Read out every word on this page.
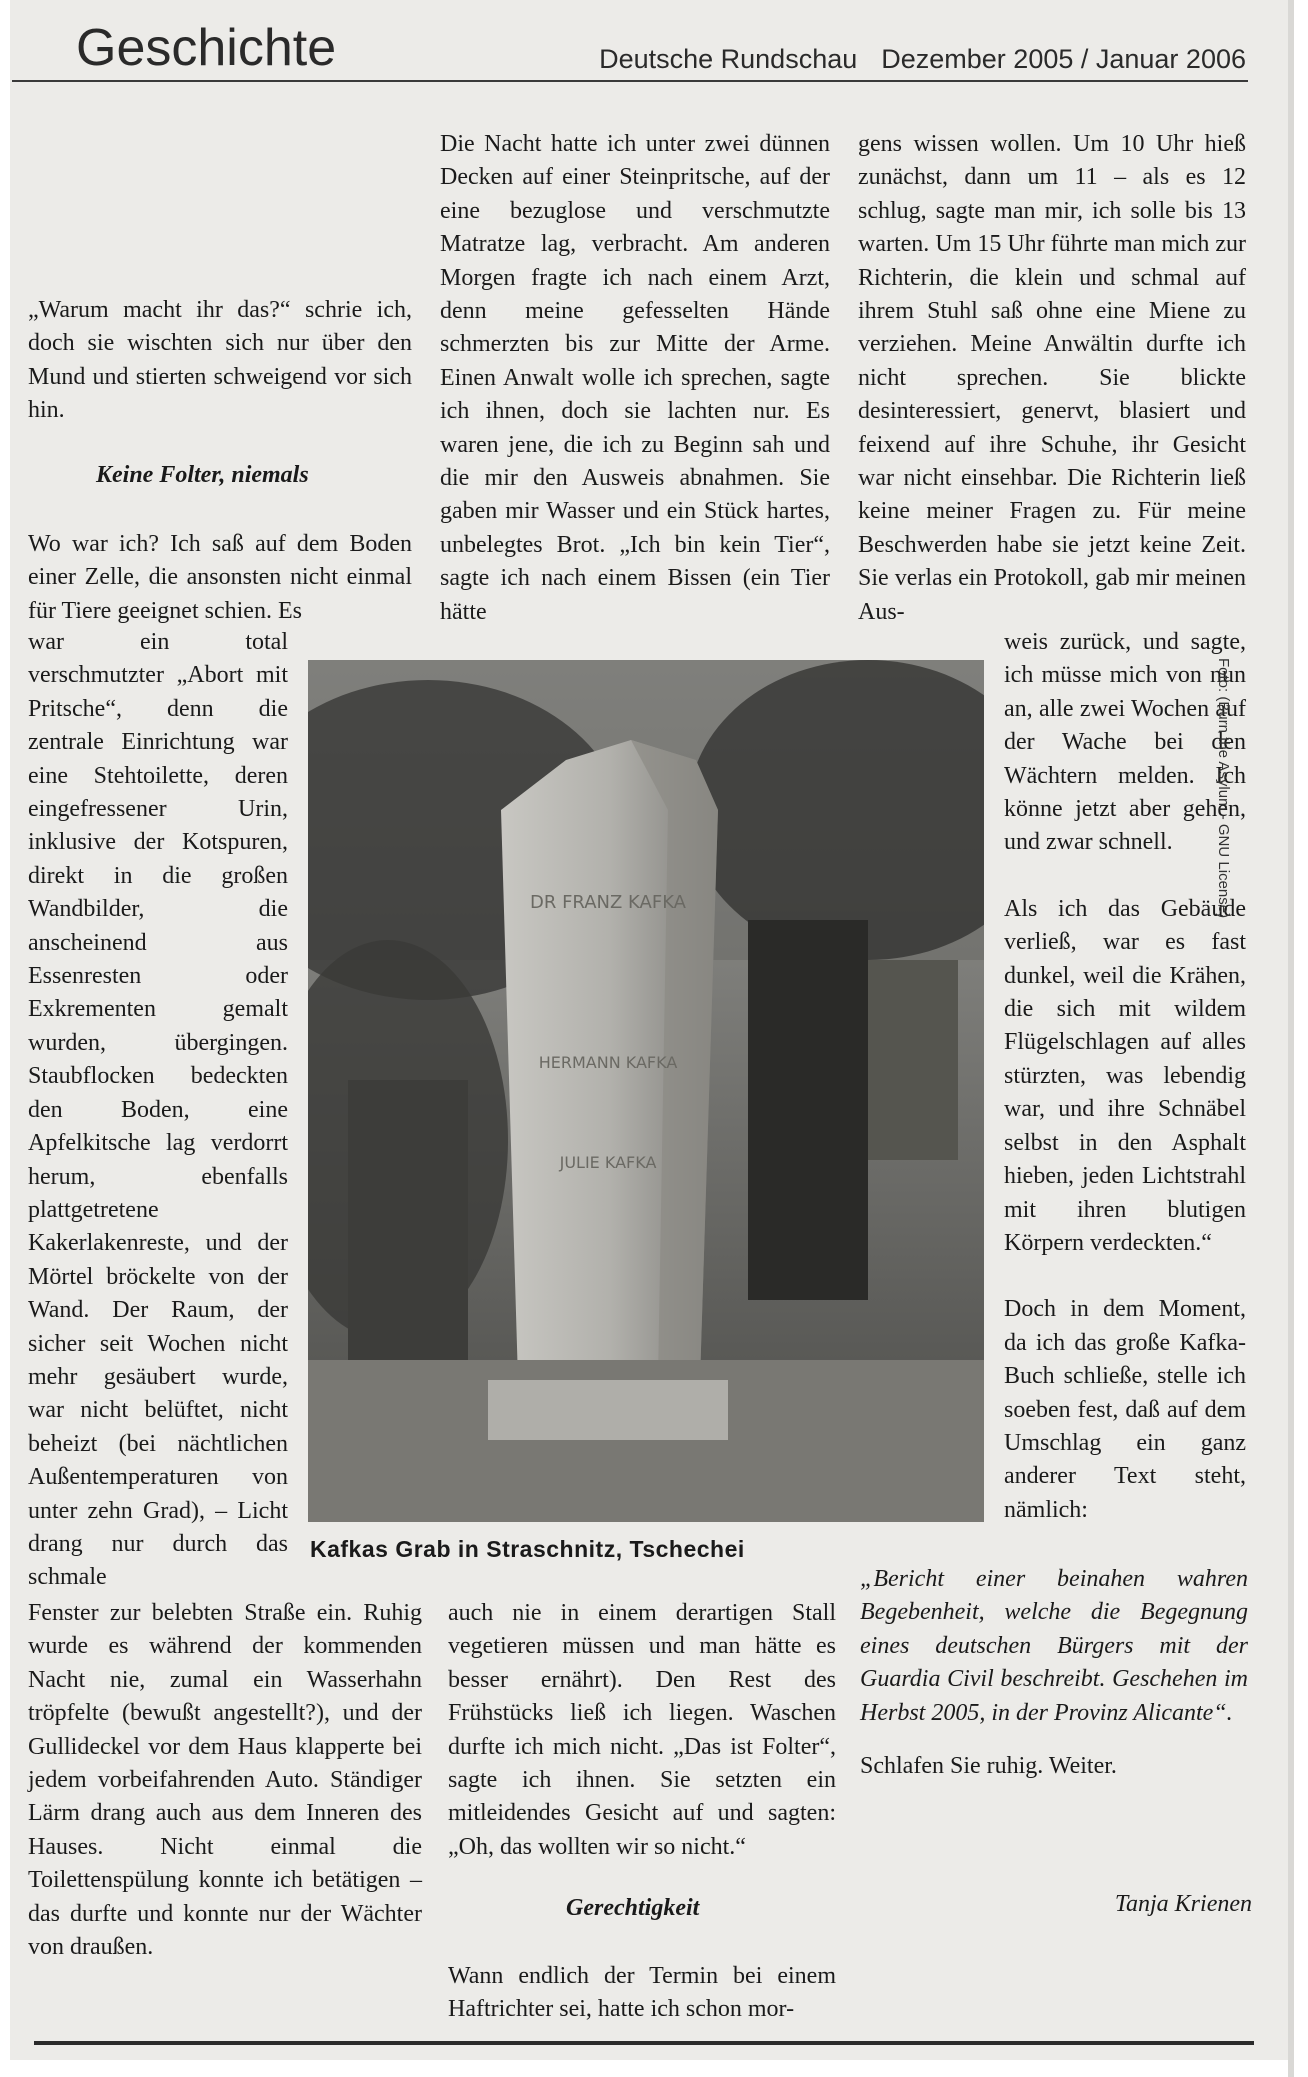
Geschichte	Deutsche Rundschau Dezember 2005 / Januar 2006

„Warum macht ihr das?“ schrie ich, doch sie wischten sich nur über den Mund und stierten schweigend vor sich hin.

Keine Folter, niemals

Wo war ich? Ich saß auf dem Boden einer Zelle, die ansonsten nicht einmal für Tiere geeignet schien. Es

war ein total verschmutzter „Abort mit Pritsche“, denn die zentrale Einrichtung war eine Stehtoilette, deren eingefressener Urin, inklusive der Kotspuren, direkt in die großen Wandbilder, die anscheinend aus Essenresten oder Exkrementen gemalt wurden, übergingen. Staubflocken bedeckten den Boden, eine Apfelkitsche lag verdorrt herum, ebenfalls plattgetretene Kakerlakenreste, und der Mörtel bröckelte von der Wand. Der Raum, der sicher seit Wochen nicht mehr gesäubert wurde, war nicht belüftet, nicht beheizt (bei nächtlichen Außentemperaturen von unter zehn Grad), – Licht drang nur durch das schmale

Fenster zur belebten Straße ein. Ruhig wurde es während der kommenden Nacht nie, zumal ein Wasserhahn tröpfelte (bewußt angestellt?), und der Gullideckel vor dem Haus klapperte bei jedem vorbeifahrenden Auto. Ständiger Lärm drang auch aus dem Inneren des Hauses. Nicht einmal die Toilettenspülung konnte ich betätigen – das durfte und konnte nur der Wächter von draußen.

Die Nacht hatte ich unter zwei dünnen Decken auf einer Steinpritsche, auf der eine bezuglose und verschmutzte Matratze lag, verbracht. Am anderen Morgen fragte ich nach einem Arzt, denn meine gefesselten Hände schmerzten bis zur Mitte der Arme. Einen Anwalt wolle ich sprechen, sagte ich ihnen, doch sie lachten nur. Es waren jene, die ich zu Beginn sah und die mir den Ausweis abnahmen. Sie gaben mir Wasser und ein Stück hartes, unbelegtes Brot. „Ich bin kein Tier“, sagte ich nach einem Bissen (ein Tier hätte

auch nie in einem derartigen Stall vegetieren müssen und man hätte es besser ernährt). Den Rest des Frühstücks ließ ich liegen. Waschen durfte ich mich nicht. „Das ist Folter“, sagte ich ihnen. Sie setzten ein mitleidendes Gesicht auf und sagten: „Oh, das wollten wir so nicht.“

Gerechtigkeit

Wann endlich der Termin bei einem Haftrichter sei, hatte ich schon mor-

gens wissen wollen. Um 10 Uhr hieß zunächst, dann um 11 – als es 12 schlug, sagte man mir, ich solle bis 13 warten. Um 15 Uhr führte man mich zur Richterin, die klein und schmal auf ihrem Stuhl saß ohne eine Miene zu verziehen. Meine Anwältin durfte ich nicht sprechen. Sie blickte desinteressiert, genervt, blasiert und feixend auf ihre Schuhe, ihr Gesicht war nicht einsehbar. Die Richterin ließ keine meiner Fragen zu. Für meine Beschwerden habe sie jetzt keine Zeit. Sie verlas ein Protokoll, gab mir meinen Aus-

weis zurück, und sagte, ich müsse mich von nun an, alle zwei Wochen auf der Wache bei den Wächtern melden. Ich könne jetzt aber gehen, und zwar schnell.

Als ich das Gebäude verließ, war es fast dunkel, weil die Krähen, die sich mit wildem Flügelschlagen auf alles stürzten, was lebendig war, und ihre Schnäbel selbst in den Asphalt hieben, jeden Lichtstrahl mit ihren blutigen Körpern verdeckten.“

Doch in dem Moment, da ich das große Kafka-Buch schließe, stelle ich soeben fest, daß auf dem Umschlag ein ganz anderer Text steht, nämlich:

„Bericht einer beinahen wahren Begebenheit, welche die Begegnung eines deutschen Bürgers mit der Guardia Civil beschreibt. Geschehen im Herbst 2005, in der Provinz Alicante“.

Schlafen Sie ruhig. Weiter.

Tanja Krienen
DR FRANZ KAFKA
HERMANN KAFKA
JULIE KAFKA
Kafkas Grab in Straschnitz, Tschechei
Foto: (Burn the Asylum - GNU License)
